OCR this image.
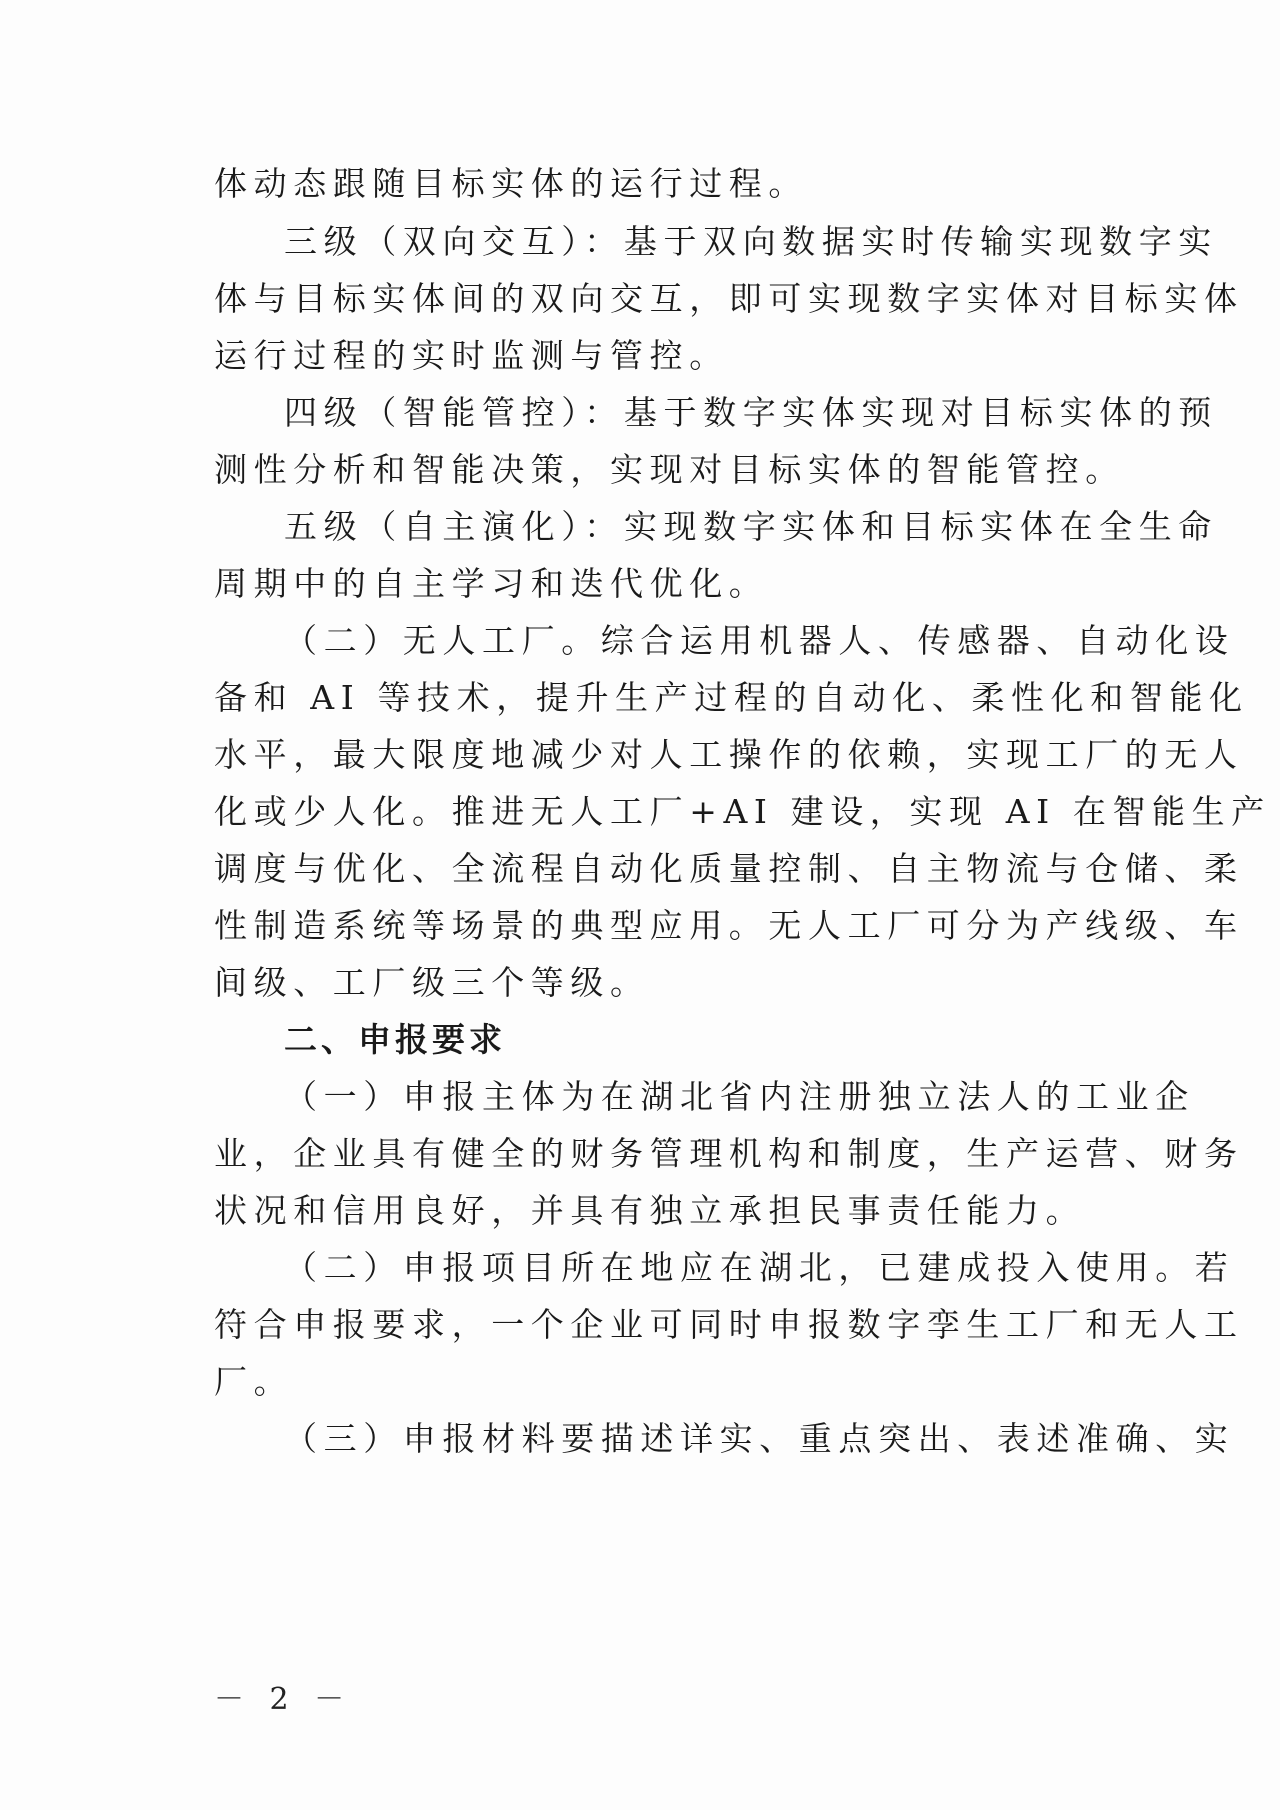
体动态跟随目标实体的运行过程。
三级（双向交互）：基于双向数据实时传输实现数字实
体与目标实体间的双向交互，即可实现数字实体对目标实体
运行过程的实时监测与管控。
四级（智能管控）：基于数字实体实现对目标实体的预
测性分析和智能决策，实现对目标实体的智能管控。
五级（自主演化）：实现数字实体和目标实体在全生命
周期中的自主学习和迭代优化。
（二）无人工厂。综合运用机器人、传感器、自动化设
备和 AI 等技术，提升生产过程的自动化、柔性化和智能化
水平，最大限度地减少对人工操作的依赖，实现工厂的无人
化或少人化。推进无人工厂+AI 建设，实现 AI 在智能生产
调度与优化、全流程自动化质量控制、自主物流与仓储、柔
性制造系统等场景的典型应用。无人工厂可分为产线级、车
间级、工厂级三个等级。
二、申报要求
（一）申报主体为在湖北省内注册独立法人的工业企
业，企业具有健全的财务管理机构和制度，生产运营、财务
状况和信用良好，并具有独立承担民事责任能力。
（二）申报项目所在地应在湖北，已建成投入使用。若
符合申报要求，一个企业可同时申报数字孪生工厂和无人工
厂。
（三）申报材料要描述详实、重点突出、表述准确、实
－ 2 －
